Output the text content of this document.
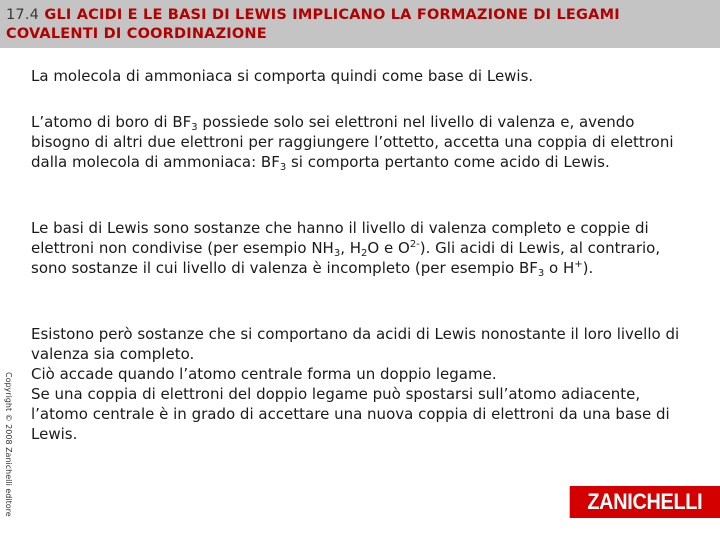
17.4 GLI ACIDI E LE BASI DI LEWIS IMPLICANO LA FORMAZIONE DI LEGAMI COVALENTI DI COORDINAZIONE
La molecola di ammoniaca si comporta quindi come base di Lewis.
L’atomo di boro di $BF_3$ possiede solo sei elettroni nel livello di valenza e, avendo bisogno di altri due elettroni per raggiungere l’ottetto, accetta una coppia di elettroni dalla molecola di ammoniaca: $BF_3$ si comporta pertanto come acido di Lewis.
Le basi di Lewis sono sostanze che hanno il livello di valenza completo e coppie di elettroni non condivise (per esempio $NH_3$, $H_2O$ e $O^{2-}$). Gli acidi di Lewis, al contrario, sono sostanze il cui livello di valenza è incompleto (per esempio $BF_3$ o H+).
Esistono però sostanze che si comportano da acidi di Lewis nonostante il loro livello di valenza sia completo.
Ciò accade quando l’atomo centrale forma un doppio legame.
Se una coppia di elettroni del doppio legame può spostarsi sull’atomo adiacente, l’atomo centrale è in grado di accettare una nuova coppia di elettroni da una base di Lewis.
Copyright © 2008 Zanichelli editore	ZANICHELLI
